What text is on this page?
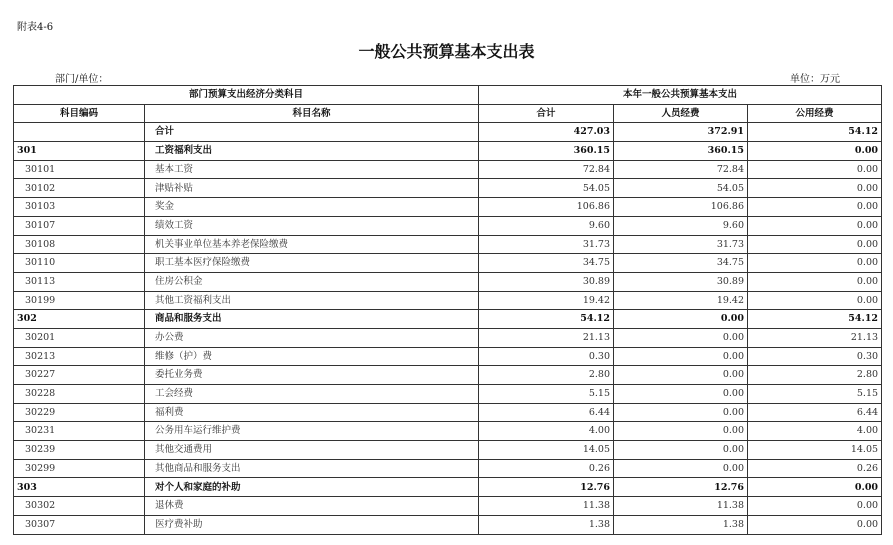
附表4-6
一般公共预算基本支出表
部门/单位：	单位：万元
部门预算支出经济分类科目		本年一般公共预算基本支出		
科目编码	科目名称	合计	人员经费	公用经费
	合计	427.03	372.91	54.12
301	工资福利支出	360.15	360.15	0.00
30101	基本工资	72.84	72.84	0.00
30102	津贴补贴	54.05	54.05	0.00
30103	奖金	106.86	106.86	0.00
30107	绩效工资	9.60	9.60	0.00
30108	机关事业单位基本养老保险缴费	31.73	31.73	0.00
30110	职工基本医疗保险缴费	34.75	34.75	0.00
30113	住房公积金	30.89	30.89	0.00
30199	其他工资福利支出	19.42	19.42	0.00
302	商品和服务支出	54.12	0.00	54.12
30201	办公费	21.13	0.00	21.13
30213	维修（护）费	0.30	0.00	0.30
30227	委托业务费	2.80	0.00	2.80
30228	工会经费	5.15	0.00	5.15
30229	福利费	6.44	0.00	6.44
30231	公务用车运行维护费	4.00	0.00	4.00
30239	其他交通费用	14.05	0.00	14.05
30299	其他商品和服务支出	0.26	0.00	0.26
303	对个人和家庭的补助	12.76	12.76	0.00
30302	退休费	11.38	11.38	0.00
30307	医疗费补助	1.38	1.38	0.00
